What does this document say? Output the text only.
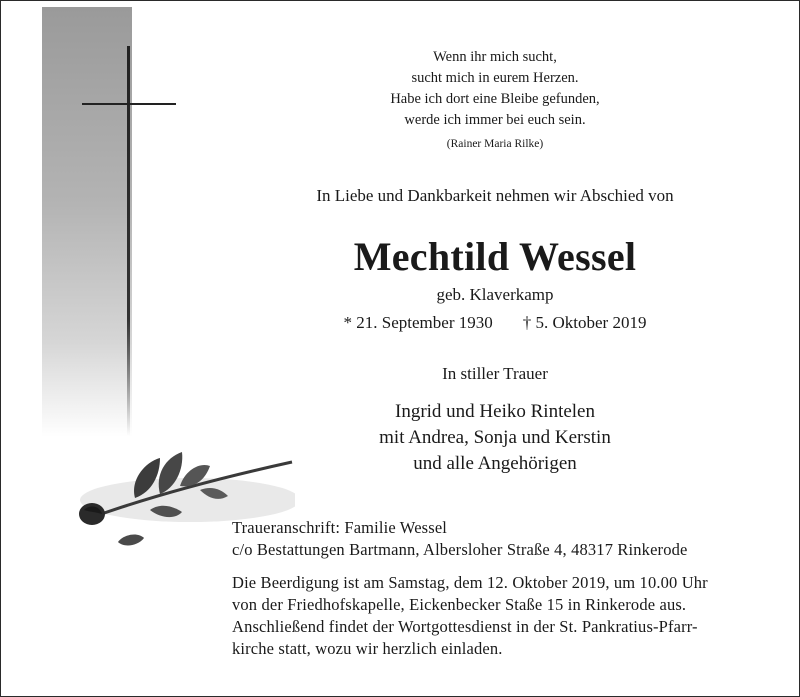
Wenn ihr mich sucht,
sucht mich in eurem Herzen.
Habe ich dort eine Bleibe gefunden,
werde ich immer bei euch sein.
(Rainer Maria Rilke)
In Liebe und Dankbarkeit nehmen wir Abschied von
Mechtild Wessel
geb. Klaverkamp
* 21. September 1930 † 5. Oktober 2019
In stiller Trauer
Ingrid und Heiko Rintelen
mit Andrea, Sonja und Kerstin
und alle Angehörigen
Traueranschrift: Familie Wessel
c/o Bestattungen Bartmann, Albersloher Straße 4, 48317 Rinkerode
Die Beerdigung ist am Samstag, dem 12. Oktober 2019, um 10.00 Uhr
von der Friedhofskapelle, Eickenbecker Staße 15 in Rinkerode aus.
Anschließend findet der Wortgottesdienst in der St. Pankratius-Pfarr-
kirche statt, wozu wir herzlich einladen.
